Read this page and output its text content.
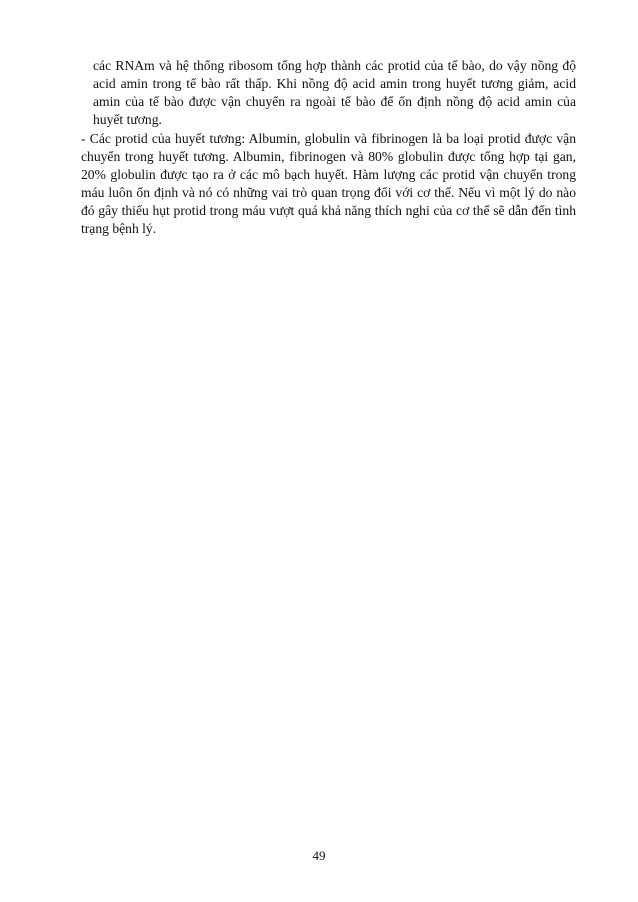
các RNAm và hệ thống ribosom tổng hợp thành các protid của tế bào, do vậy nồng độ acid amin trong tế bào rất thấp. Khi nồng độ acid amin trong huyết tương giảm, acid amin của tế bào được vận chuyển ra ngoài tế bào để ổn định nồng độ acid amin của huyết tương.

- Các protid của huyết tương: Albumin, globulin và fibrinogen là ba loại protid được vận chuyển trong huyết tương. Albumin, fibrinogen và 80% globulin được tổng hợp tại gan, 20% globulin được tạo ra ở các mô bạch huyết. Hàm lượng các protid vận chuyển trong máu luôn ổn định và nó có những vai trò quan trọng đối với cơ thể. Nếu vì một lý do nào đó gây thiếu hụt protid trong máu vượt quá khả năng thích nghi của cơ thể sẽ dẫn đến tình trạng bệnh lý.

49
